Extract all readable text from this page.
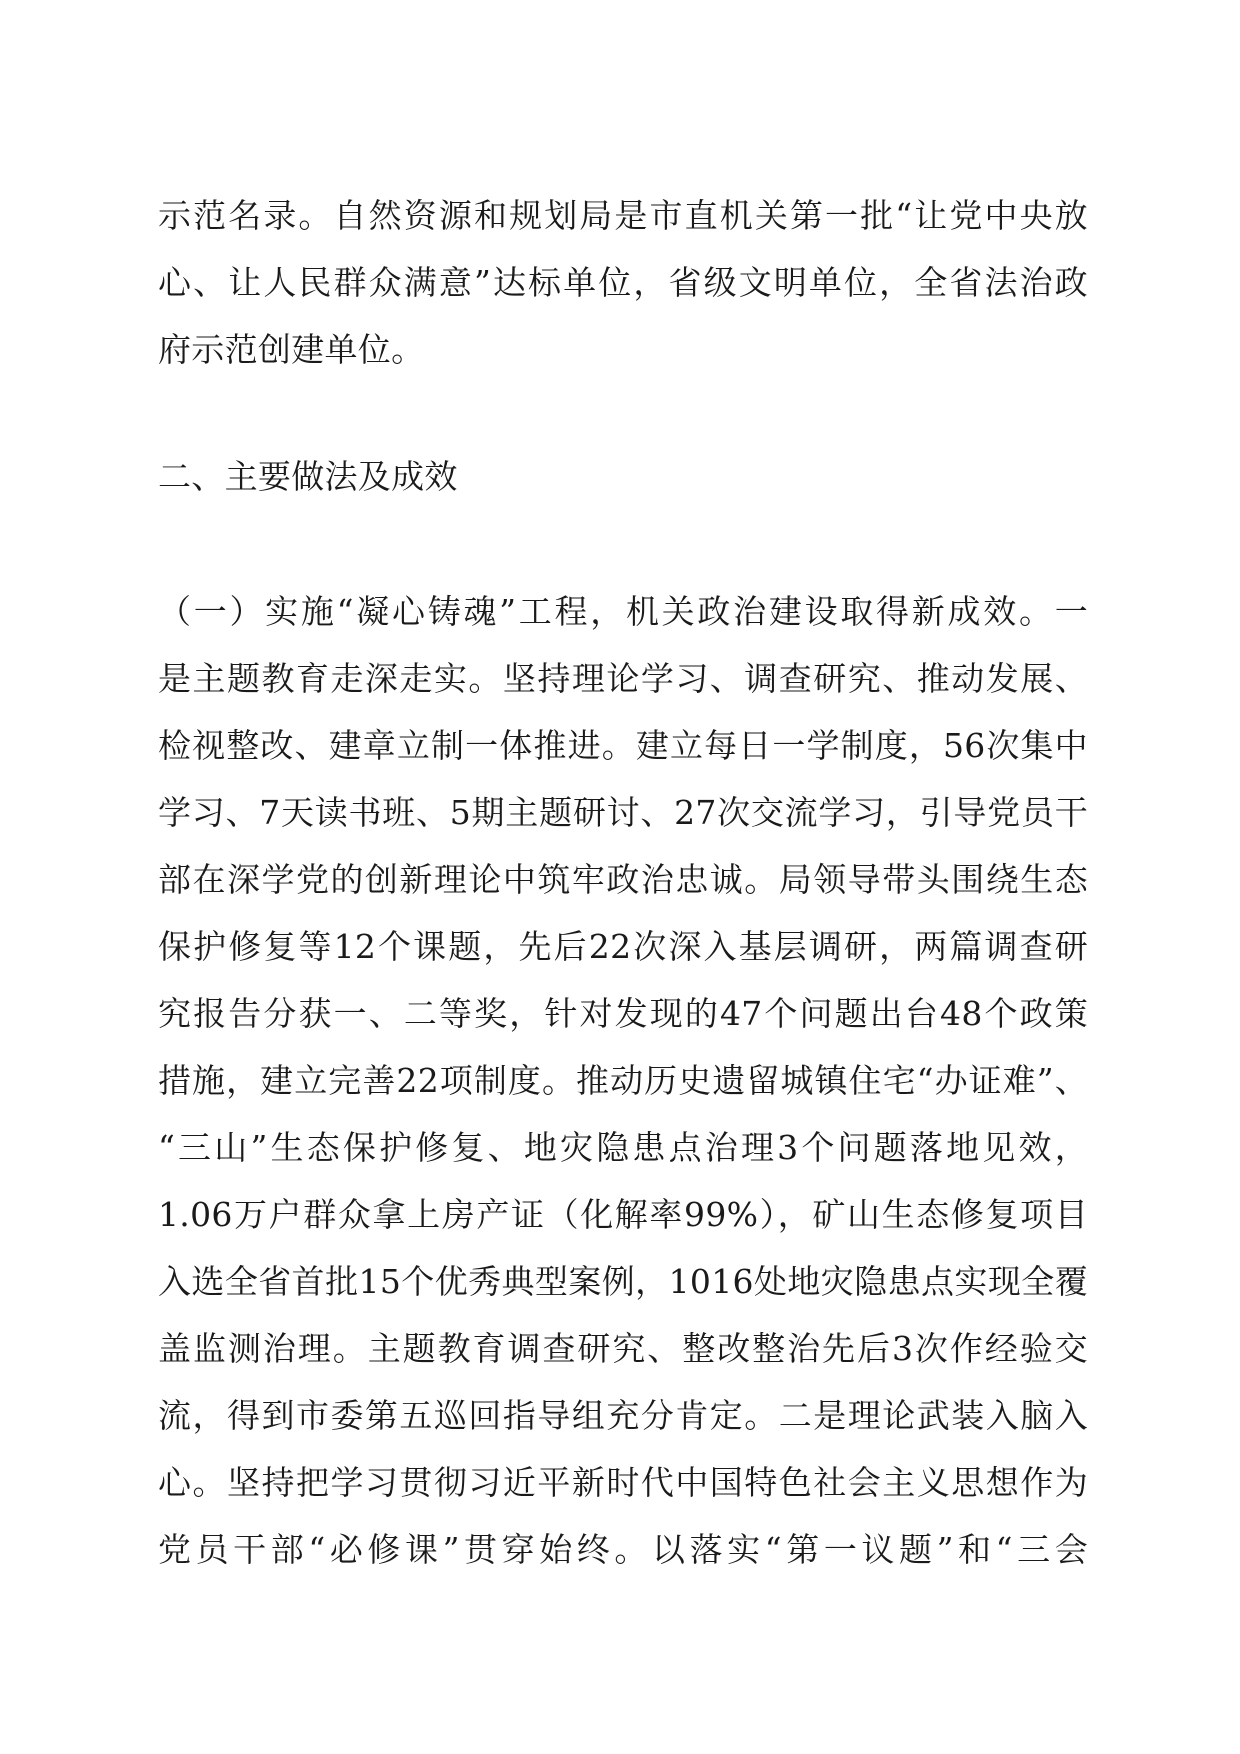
示范名录。自然资源和规划局是市直机关第一批“让党中央放
心、让人民群众满意”达标单位，省级文明单位，全省法治政
府示范创建单位。
二、主要做法及成效
（一）实施“凝心铸魂”工程，机关政治建设取得新成效。一
是主题教育走深走实。坚持理论学习、调查研究、推动发展、
检视整改、建章立制一体推进。建立每日一学制度，56次集中
学习、7天读书班、5期主题研讨、27次交流学习，引导党员干
部在深学党的创新理论中筑牢政治忠诚。局领导带头围绕生态
保护修复等12个课题，先后22次深入基层调研，两篇调查研
究报告分获一、二等奖，针对发现的47个问题出台48个政策
措施，建立完善22项制度。推动历史遗留城镇住宅“办证难”、
“三山”生态保护修复、地灾隐患点治理3个问题落地见效，
1.06万户群众拿上房产证（化解率99%），矿山生态修复项目
入选全省首批15个优秀典型案例，1016处地灾隐患点实现全覆
盖监测治理。主题教育调查研究、整改整治先后3次作经验交
流，得到市委第五巡回指导组充分肯定。二是理论武装入脑入
心。坚持把学习贯彻习近平新时代中国特色社会主义思想作为
党员干部“必修课”贯穿始终。以落实“第一议题”和“三会
